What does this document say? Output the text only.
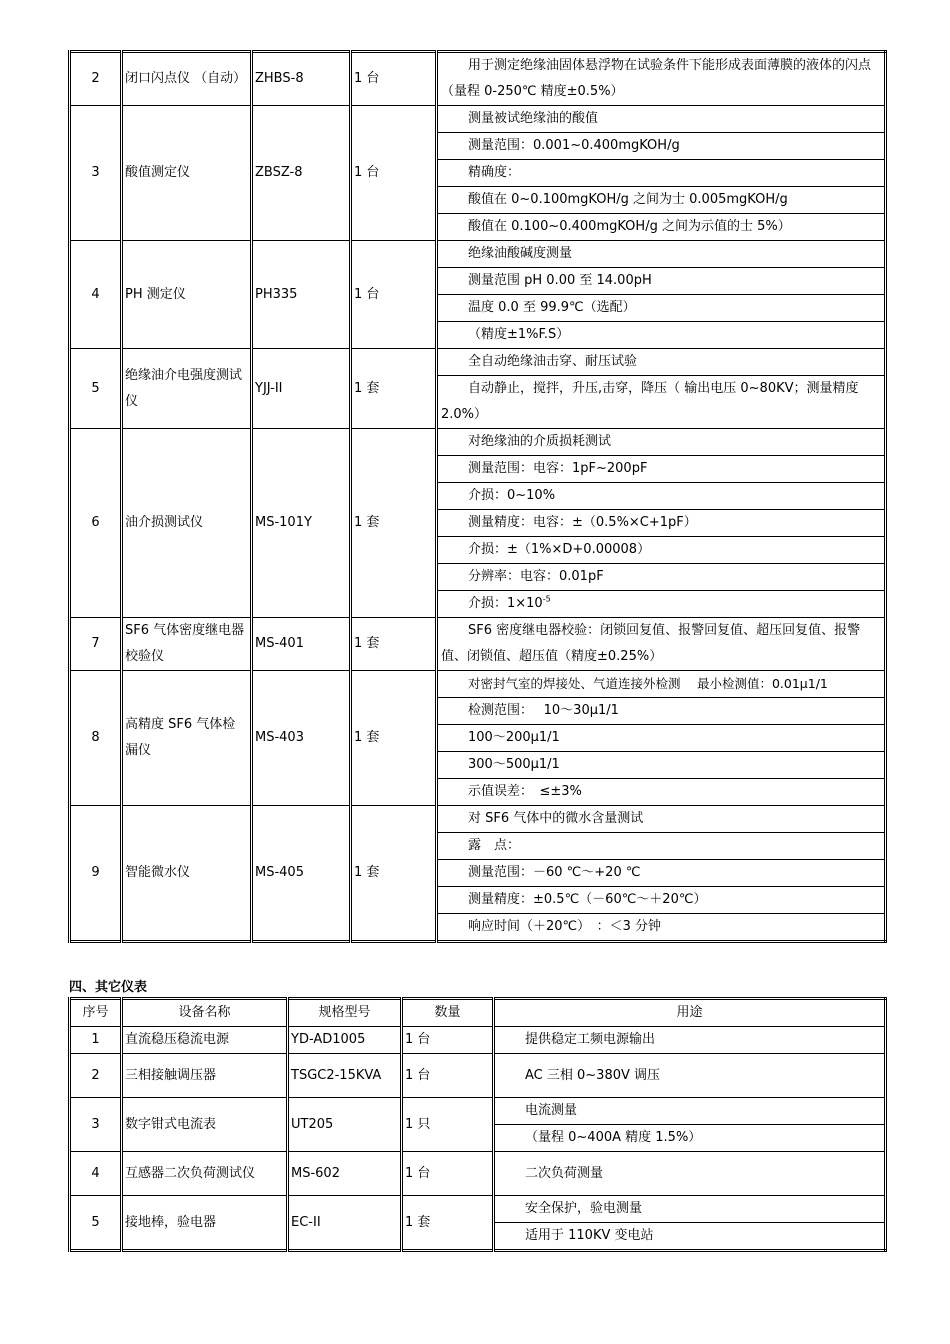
2	闭口闪点仪 （自动）	ZHBS-8	1 台	用于测定绝缘油固体悬浮物在试验条件下能形成表面薄膜的液体的闪点（量程 0-250℃ 精度±0.5%）
3	酸值测定仪	ZBSZ-8	1 台	测量被试绝缘油的酸值
				测量范围：0.001~0.400mgKOH/g
				精确度：
				酸值在 0~0.100mgKOH/g 之间为士 0.005mgKOH/g
				酸值在 0.100~0.400mgKOH/g 之间为示值的士 5%）
4	PH 测定仪	PH335	1 台	绝缘油酸碱度测量
				测量范围 pH 0.00 至 14.00pH
				温度 0.0 至 99.9℃（选配）
				（精度±1%F.S）
5	绝缘油介电强度测试仪	YJJ-II	1 套	全自动绝缘油击穿、耐压试验
				自动静止，搅拌，升压,击穿，降压（ 输出电压 0~80KV；测量精度 2.0%）
6	油介损测试仪	MS-101Y	1 套	对绝缘油的介质损耗测试
				测量范围：电容：1pF~200pF
				介损：0~10%
				测量精度：电容：±（0.5%×C+1pF）
				介损：±（1%×D+0.00008）
				分辨率：电容：0.01pF
				介损：$1\times 10^{-5}$
7	SF6 气体密度继电器校验仪	MS-401	1 套	SF6 密度继电器校验：闭锁回复值、报警回复值、超压回复值、报警值、闭锁值、超压值（精度±0.25%）
8	高精度 SF6 气体检漏仪	MS-403	1 套	对密封气室的焊接处、气道连接外检测　 最小检测值：0.01μ1/1
				检测范围：　 10～30μ1/1
				100～200μ1/1
				300～500μ1/1
				示值误差：　≤±3%
9	智能微水仪	MS-405	1 套	对 SF6 气体中的微水含量测试
				露　点：
				测量范围：－60 ℃～+20 ℃
				测量精度：±0.5℃（－60℃～＋20℃）
				响应时间（＋20℃）　：＜3 分钟
四、其它仪表
序号	设备名称	规格型号	数量	用途
1	直流稳压稳流电源	YD-AD1005	1 台	提供稳定工频电源输出
2	三相接触调压器	TSGC2-15KVA	1 台	AC 三相 0~380V 调压
3	数字钳式电流表	UT205	1 只	电流测量
				（量程 0~400A 精度 1.5%）
4	互感器二次负荷测试仪	MS-602	1 台	二次负荷测量
5	接地棒，验电器	EC-II	1 套	安全保护，验电测量
				适用于 110KV 变电站
